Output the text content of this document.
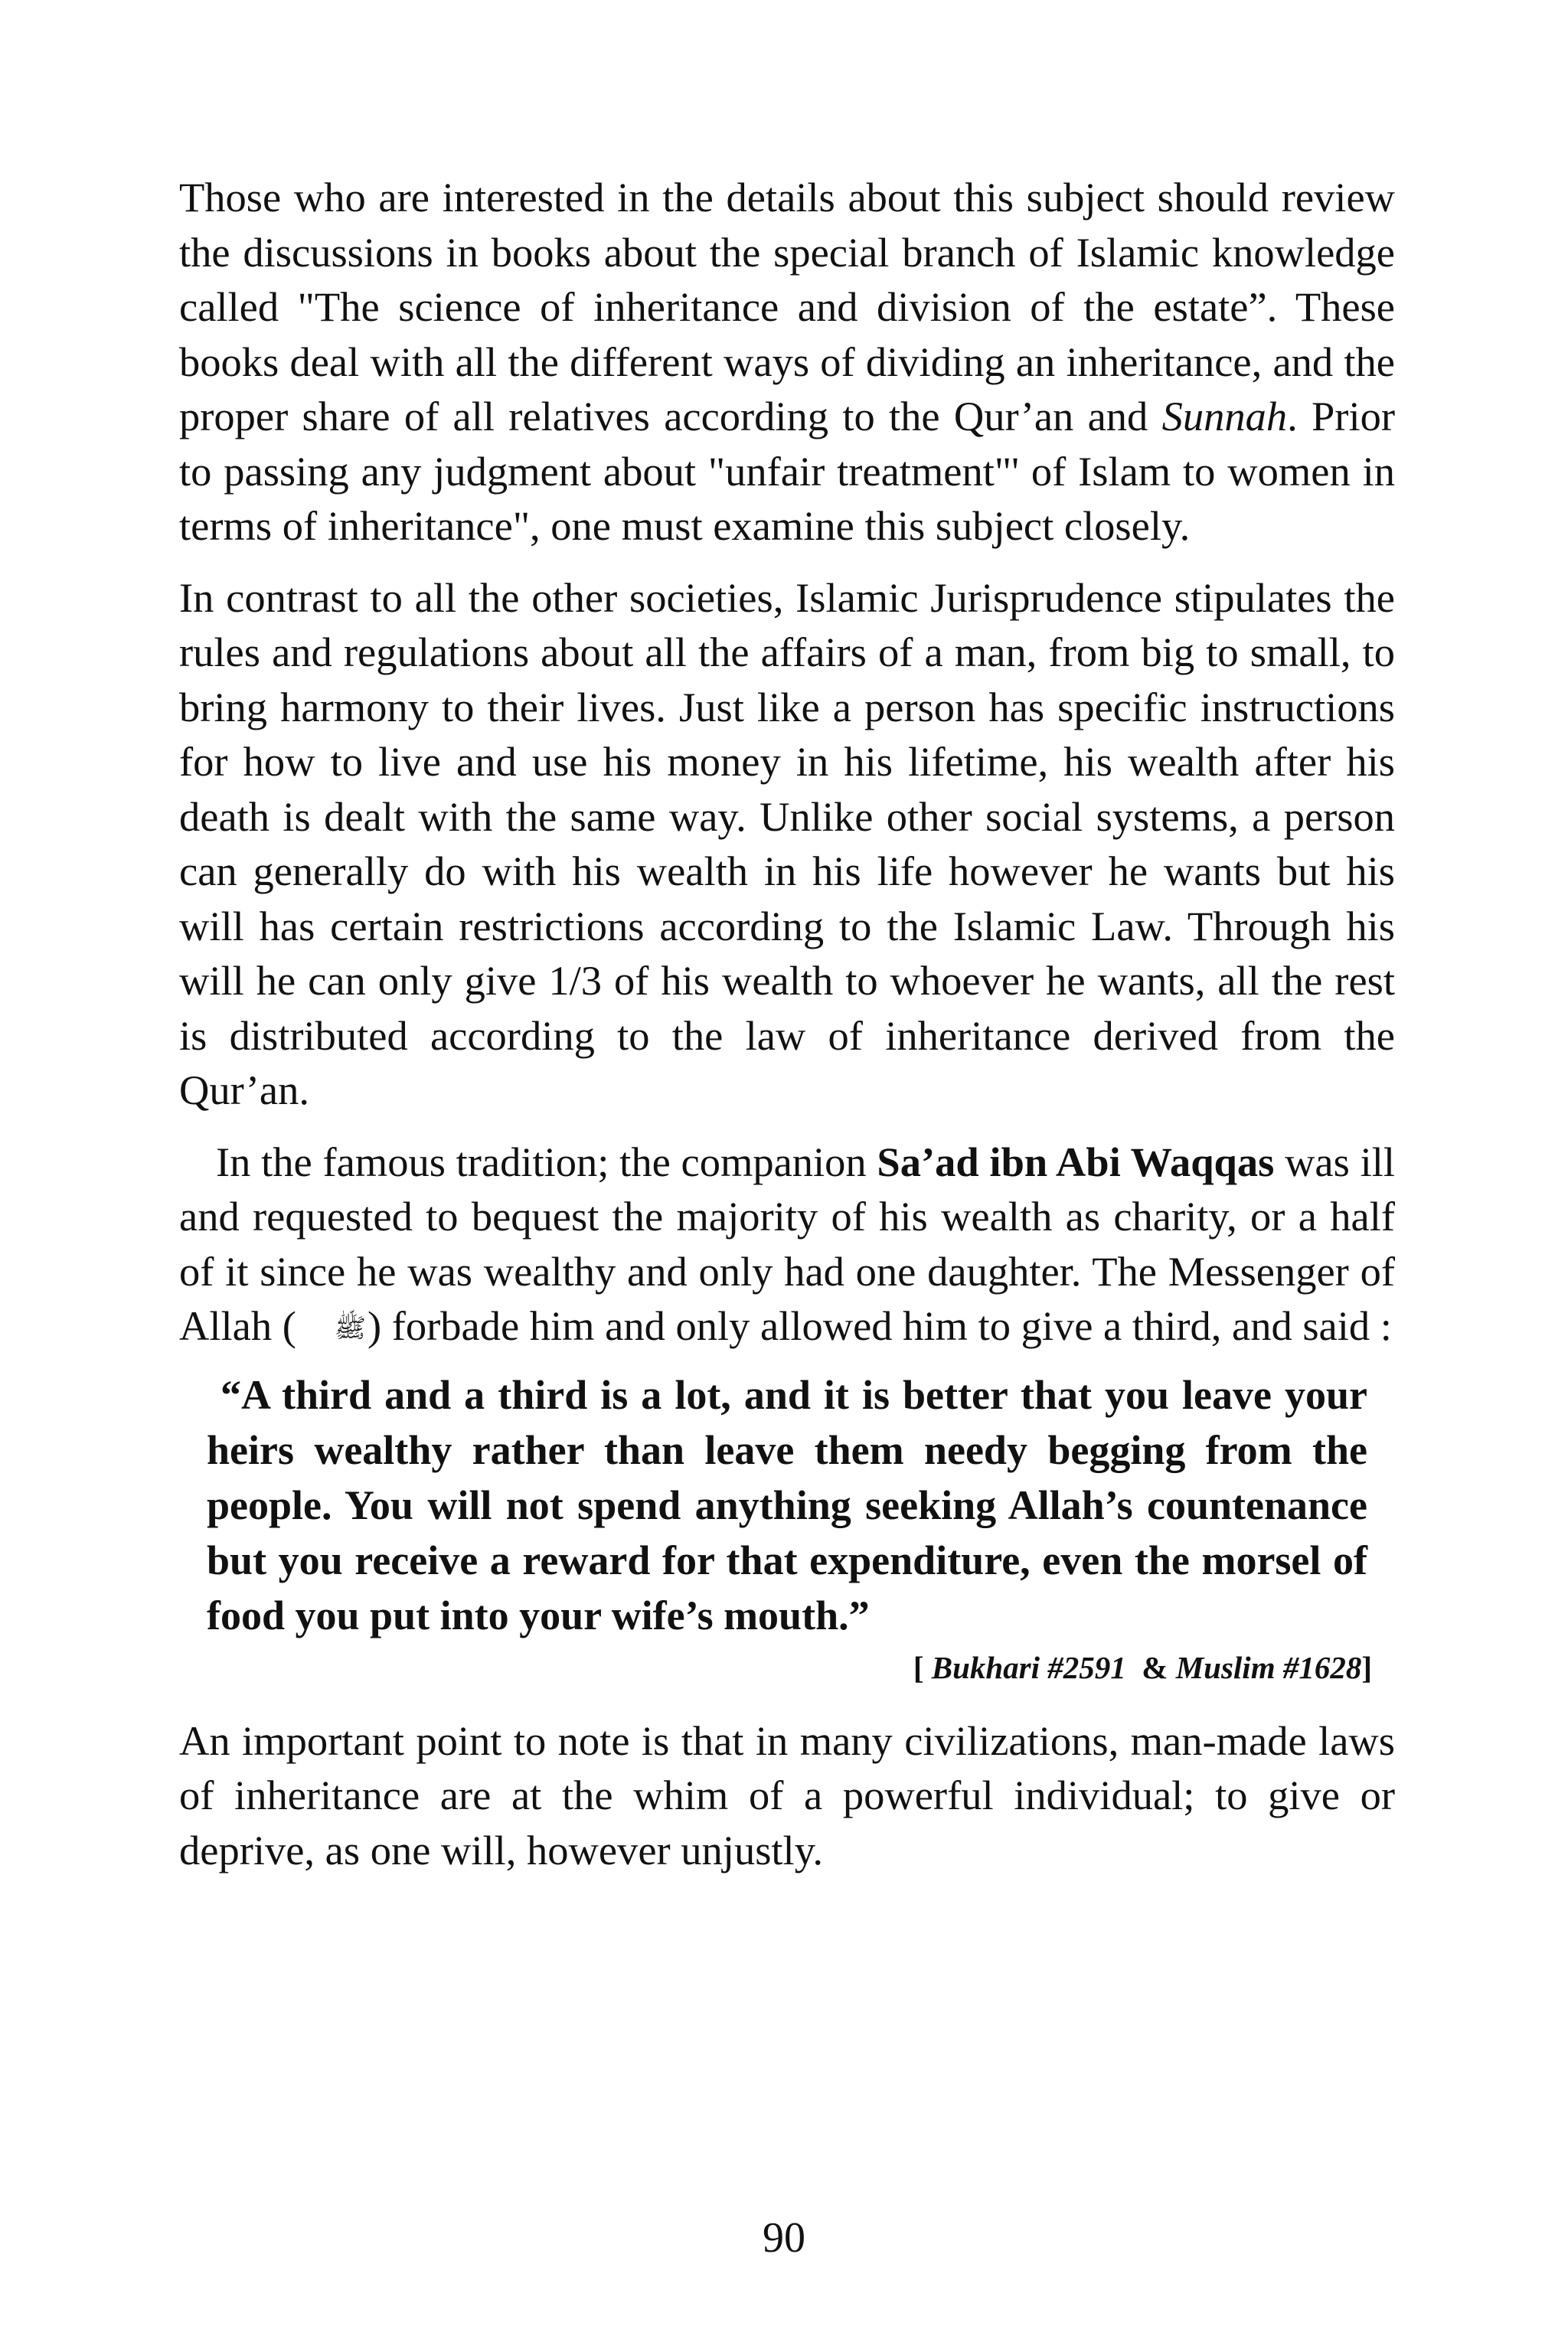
Those who are interested in the details about this subject should review the discussions in books about the special branch of Islamic knowledge called "The science of inheritance and division of the estate”. These books deal with all the different ways of dividing an inheritance, and the proper share of all relatives according to the Qur’an and Sunnah. Prior to passing any judgment about "unfair treatment"' of Islam to women in terms of inheritance", one must examine this subject closely.

In contrast to all the other societies, Islamic Jurisprudence stipulates the rules and regulations about all the affairs of a man, from big to small, to bring harmony to their lives. Just like a person has specific instructions for how to live and use his money in his lifetime, his wealth after his death is dealt with the same way. Unlike other social systems, a person can generally do with his wealth in his life however he wants but his will has certain restrictions according to the Islamic Law. Through his will he can only give 1/3 of his wealth to whoever he wants, all the rest is distributed according to the law of inheritance derived from the Qur’an.

In the famous tradition; the companion Sa’ad ibn Abi Waqqas was ill and requested to bequest the majority of his wealth as charity, or a half of it since he was wealthy and only had one daughter. The Messenger of Allah ( ﷺ) forbade him and only allowed him to give a third, and said :

“A third and a third is a lot, and it is better that you leave your heirs wealthy rather than leave them needy begging from the people. You will not spend anything seeking Allah’s countenance but you receive a reward for that expenditure, even the morsel of food you put into your wife’s mouth.”
[ Bukhari #2591  & Muslim #1628]

An important point to note is that in many civilizations, man-made laws of inheritance are at the whim of a powerful individual; to give or deprive, as one will, however unjustly.

90
